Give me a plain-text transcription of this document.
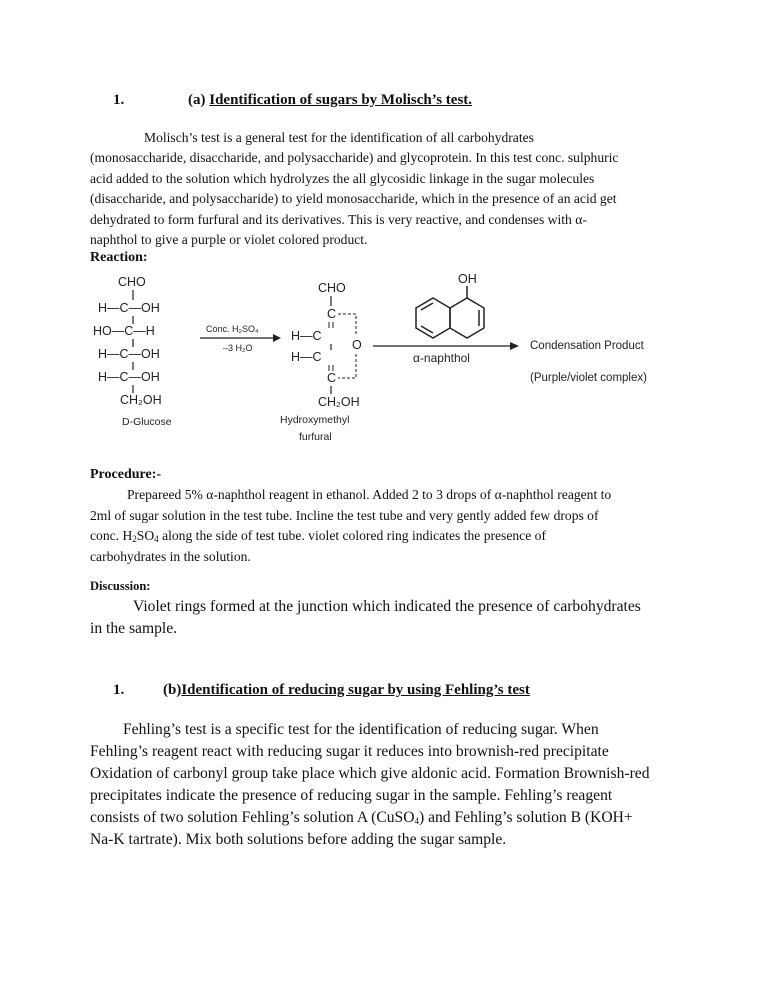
1.	(a) Identification of sugars by Molisch’s test.
Molisch’s test is a general test for the identification of all carbohydrates
(monosaccharide, disaccharide, and polysaccharide) and glycoprotein. In this test conc. sulphuric
acid added to the solution which hydrolyzes the all glycosidic linkage in the sugar molecules
(disaccharide, and polysaccharide) to yield monosaccharide, which in the presence of an acid get
dehydrated to form furfural and its derivatives. This is very reactive, and condenses with α-
naphthol to give a purple or violet colored product.
Reaction:
CHO
H—C—OH
HO—C—H
H—C—OH
H—C—OH
CH₂OH
D-Glucose
Conc. H₂SO₄
–3 H₂O
CHO
C
H—C
H—C
C
CH₂OH
O
Hydroxymethyl
furfural
OH
α-naphthol
Condensation Product
(Purple/violet complex)
Procedure:-
Prepareed 5% α-naphthol reagent in ethanol. Added 2 to 3 drops of α-naphthol reagent to
2ml of sugar solution in the test tube. Incline the test tube and very gently added few drops of
conc. $H_2SO_4$ along the side of test tube. violet colored ring indicates the presence of
carbohydrates in the solution.
Discussion:
Violet rings formed at the junction which indicated the presence of carbohydrates
in the sample.
1.	(b)Identification of reducing sugar by using Fehling’s test
Fehling’s test is a specific test for the identification of reducing sugar. When
Fehling’s reagent react with reducing sugar it reduces into brownish-red precipitate
Oxidation of carbonyl group take place which give aldonic acid. Formation Brownish-red
precipitates indicate the presence of reducing sugar in the sample. Fehling’s reagent
consists of two solution Fehling’s solution A (CuSO$_4$) and Fehling’s solution B (KOH+
Na-K tartrate). Mix both solutions before adding the sugar sample.
